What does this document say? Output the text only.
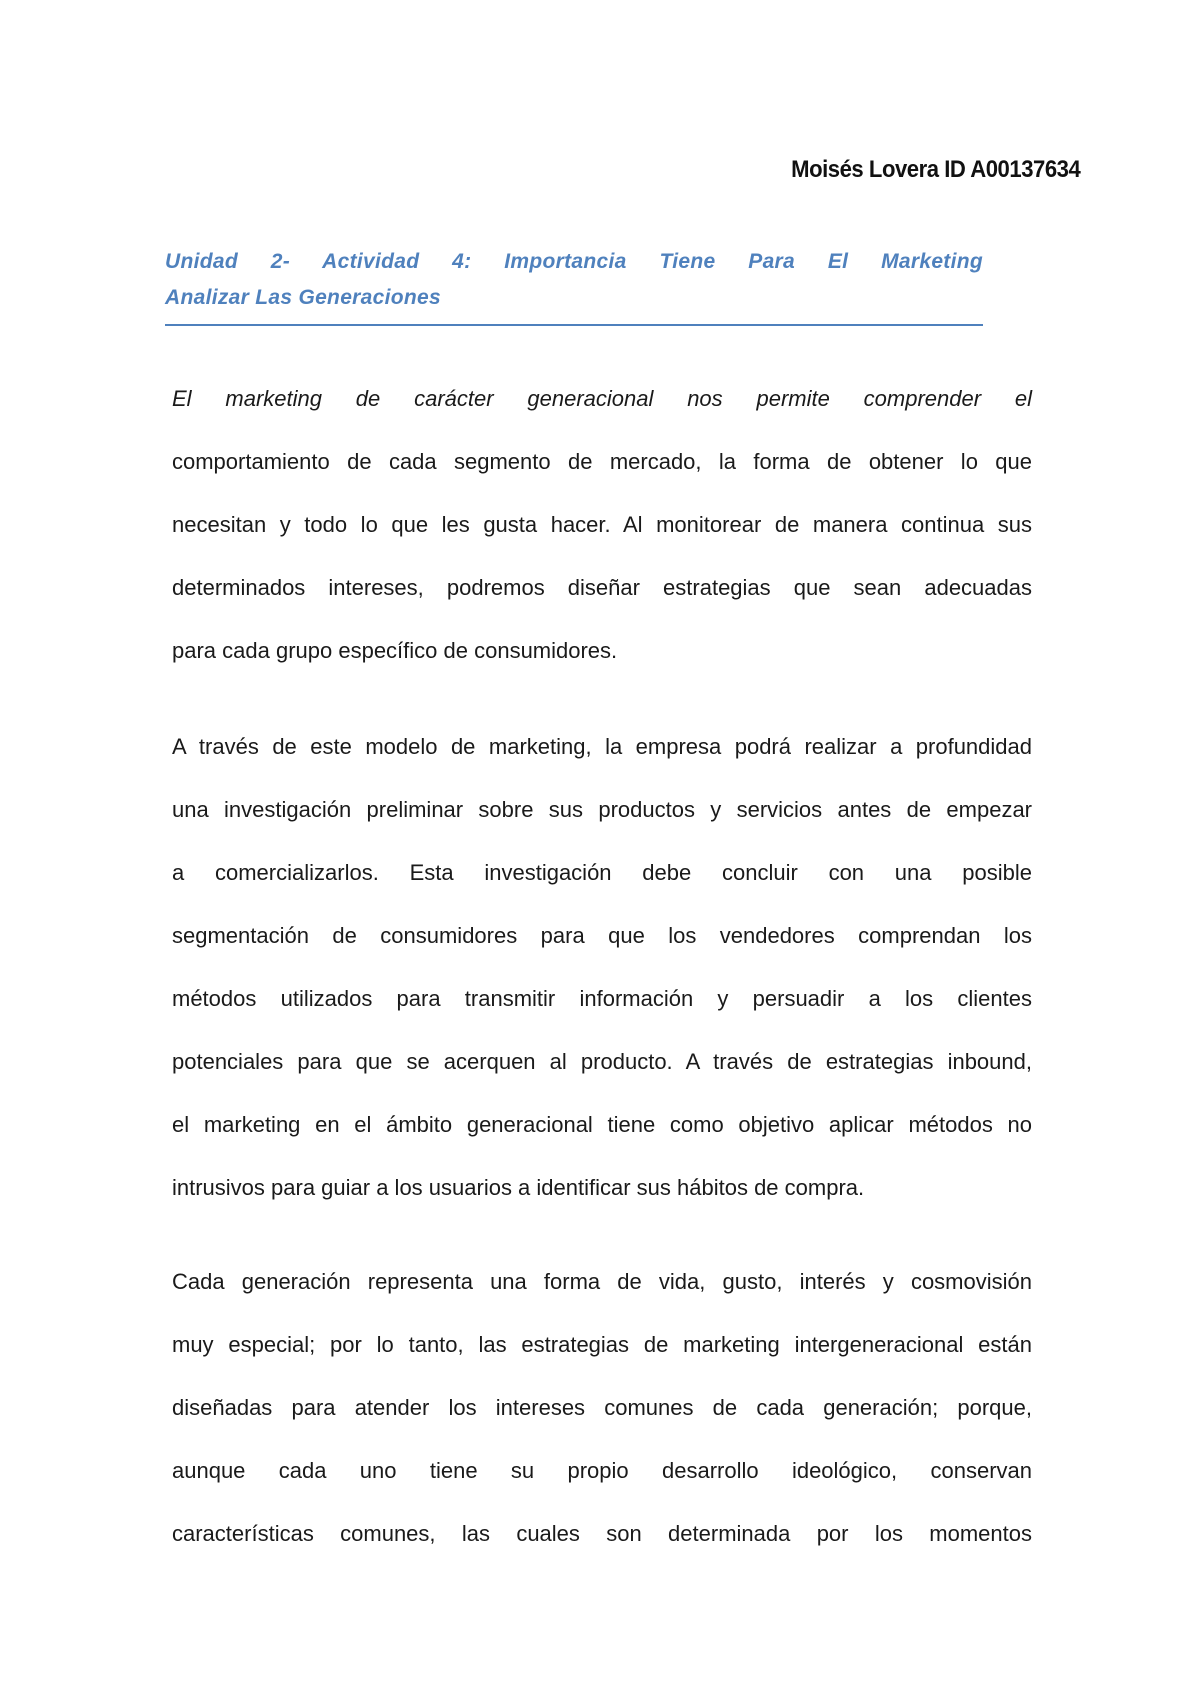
Moisés Lovera ID A00137634
Unidad 2- Actividad 4: Importancia Tiene Para El Marketing
Analizar Las Generaciones
El marketing de carácter generacional nos permite comprender el
comportamiento de cada segmento de mercado, la forma de obtener lo que
necesitan y todo lo que les gusta hacer. Al monitorear de manera continua sus
determinados intereses, podremos diseñar estrategias que sean adecuadas
para cada grupo específico de consumidores.
A través de este modelo de marketing, la empresa podrá realizar a profundidad
una investigación preliminar sobre sus productos y servicios antes de empezar
a comercializarlos. Esta investigación debe concluir con una posible
segmentación de consumidores para que los vendedores comprendan los
métodos utilizados para transmitir información y persuadir a los clientes
potenciales para que se acerquen al producto. A través de estrategias inbound,
el marketing en el ámbito generacional tiene como objetivo aplicar métodos no
intrusivos para guiar a los usuarios a identificar sus hábitos de compra.
Cada generación representa una forma de vida, gusto, interés y cosmovisión
muy especial; por lo tanto, las estrategias de marketing intergeneracional están
diseñadas para atender los intereses comunes de cada generación; porque,
aunque cada uno tiene su propio desarrollo ideológico, conservan
características comunes, las cuales son determinada por los momentos
